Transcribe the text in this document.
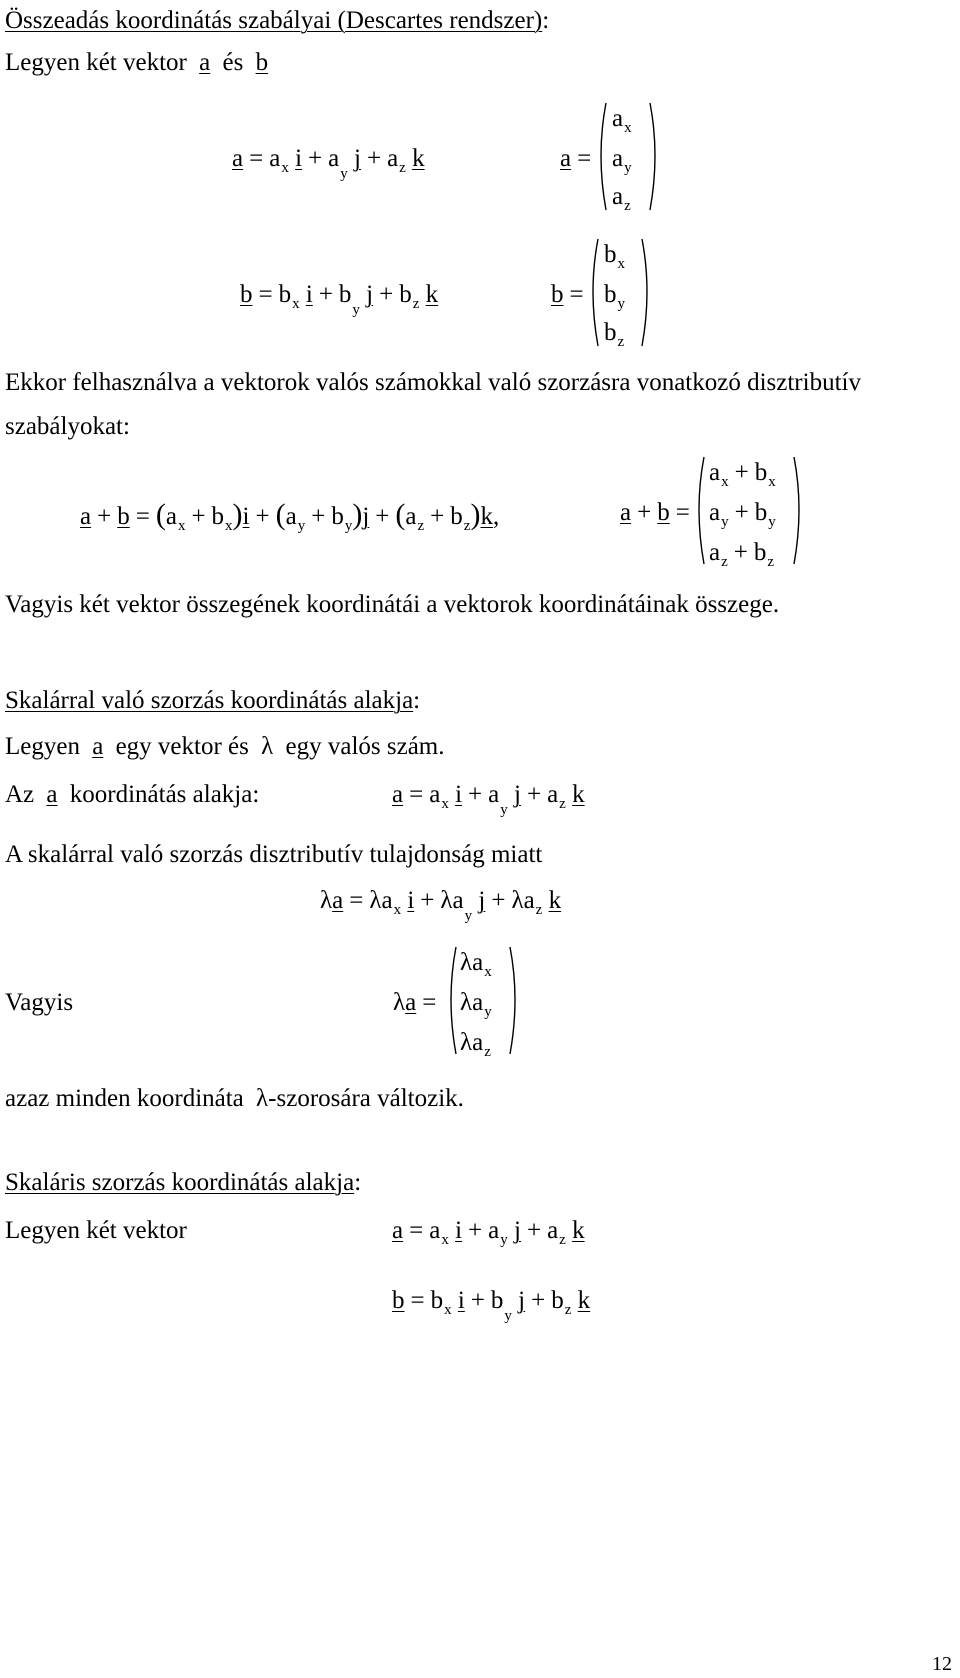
Összeadás koordinátás szabályai (Descartes rendszer):
Legyen két vektor a és b
$a = a_x$ $i + a_y$ $j + a_z$ k	a =
$a_x$
$a_y$
$a_z$
$b = b_x$ $i + b_y$ $j + b_z$ k	b =
$b_x$
$b_y$
$b_z$
Ekkor felhasználva a vektorok valós számokkal való szorzásra vonatkozó disztributív
szabályokat:
$a + b = (a_x + b_x)i + (a_y + b_y)j + (a_z + b_z)k$,	a + b =
$a_x + b_x$
$a_y + b_y$
$a_z + b_z$
Vagyis két vektor összegének koordinátái a vektorok koordinátáinak összege.
Skalárral való szorzás koordinátás alakja:
Legyen a egy vektor és λ egy valós szám.
Az a koordinátás alakja:	$a = a_x$ $i + a_y$ $j + a_z$ k
A skalárral való szorzás disztributív tulajdonság miatt
$\lambda a = \lambda a_x$ $i + \lambda a_y$ $j + \lambda a_z$ k
Vagyis	λa =
$\lambda a_x$
$\lambda a_y$
$\lambda a_z$
azaz minden koordináta λ-szorosára változik.
Skaláris szorzás koordinátás alakja:
Legyen két vektor	$a = a_x$ $i + a_y$ $j + a_z$ k
$b = b_x$ $i + b_y$ $j + b_z$ k
12
